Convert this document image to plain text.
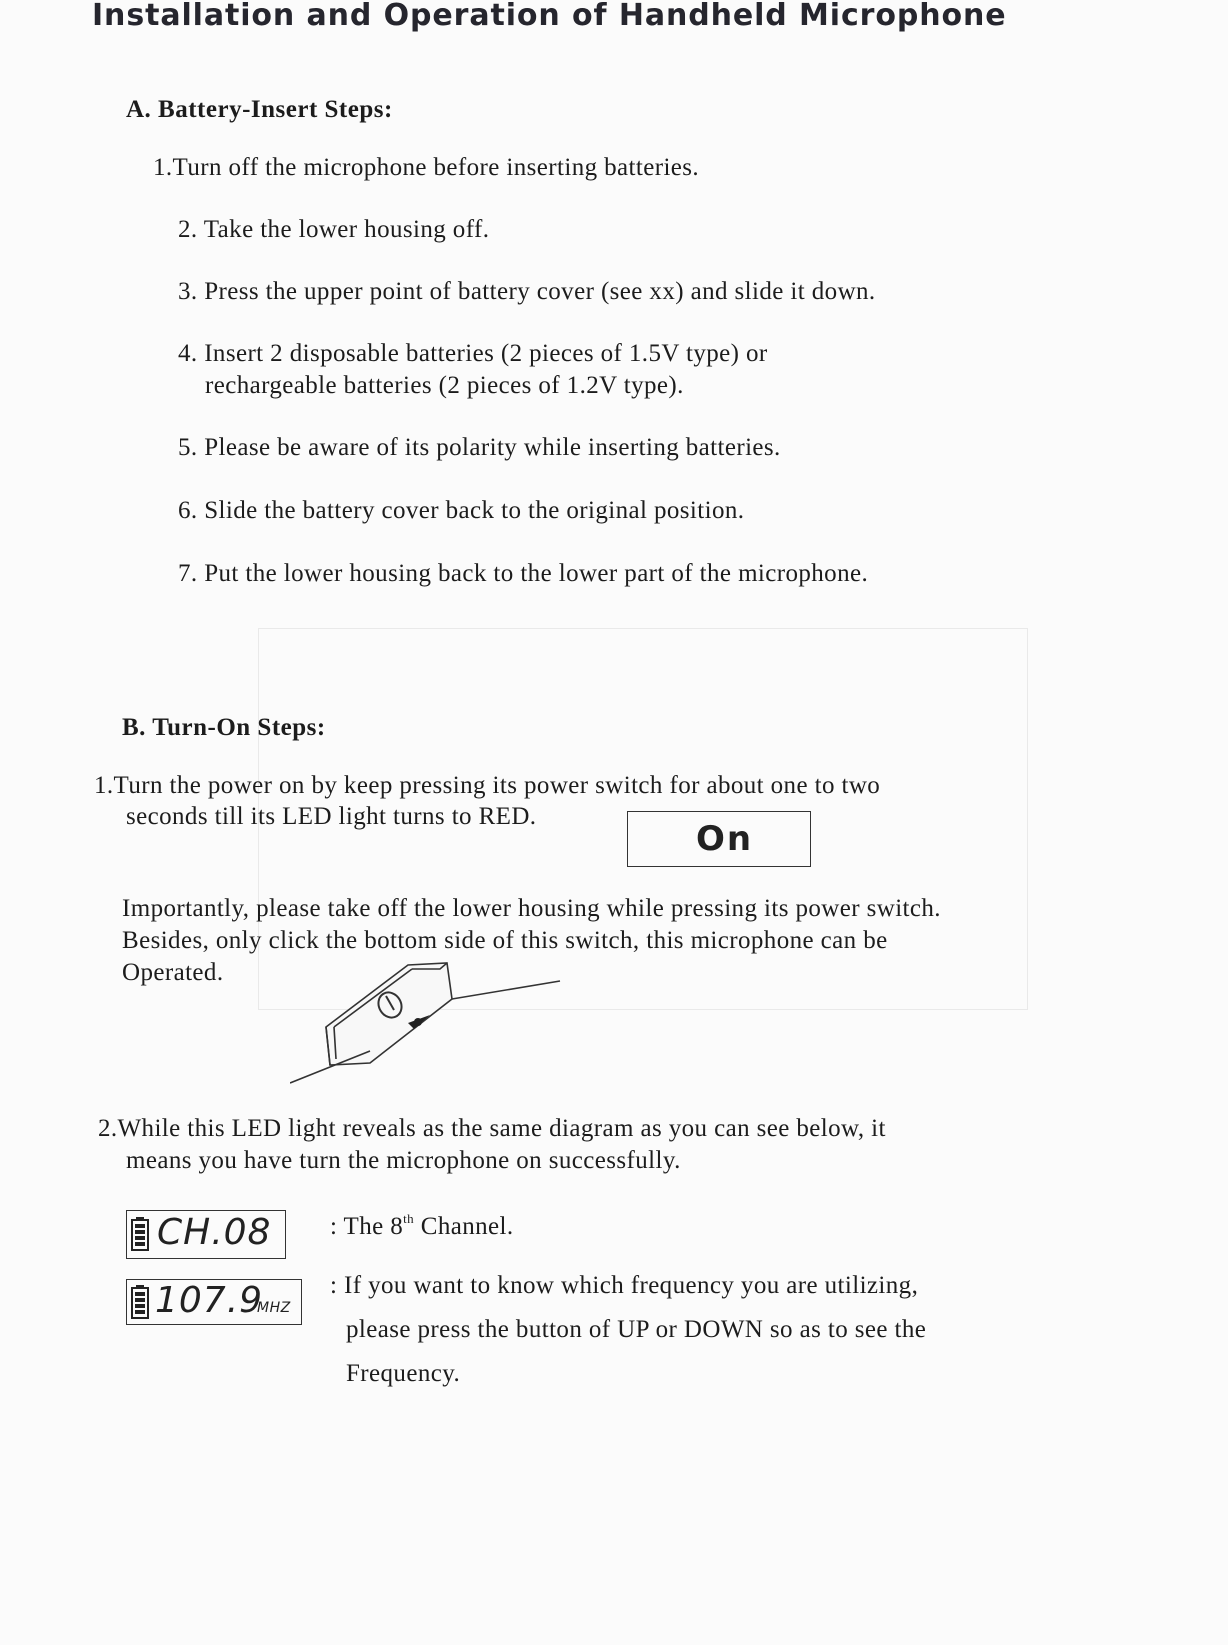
Installation and Operation of Handheld Microphone
A. Battery-Insert Steps:
1.Turn off the microphone before inserting batteries.
2. Take the lower housing off.
3. Press the upper point of battery cover (see xx) and slide it down.
4. Insert 2 disposable batteries (2 pieces of 1.5V type) or
rechargeable batteries (2 pieces of 1.2V type).
5. Please be aware of its polarity while inserting batteries.
6. Slide the battery cover back to the original position.
7. Put the lower housing back to the lower part of the microphone.
B. Turn-On Steps:
1.Turn the power on by keep pressing its power switch for about one to two
seconds till its LED light turns to RED.
On
Importantly, please take off the lower housing while pressing its power switch.
Besides, only click the bottom side of this switch, this microphone can be
Operated.
2.While this LED light reveals as the same diagram as you can see below, it
means you have turn the microphone on successfully.
CH.08 : The 8th Channel.
107.9
MHZ
: If you want to know which frequency you are utilizing,
please press the button of UP or DOWN so as to see the
Frequency.
